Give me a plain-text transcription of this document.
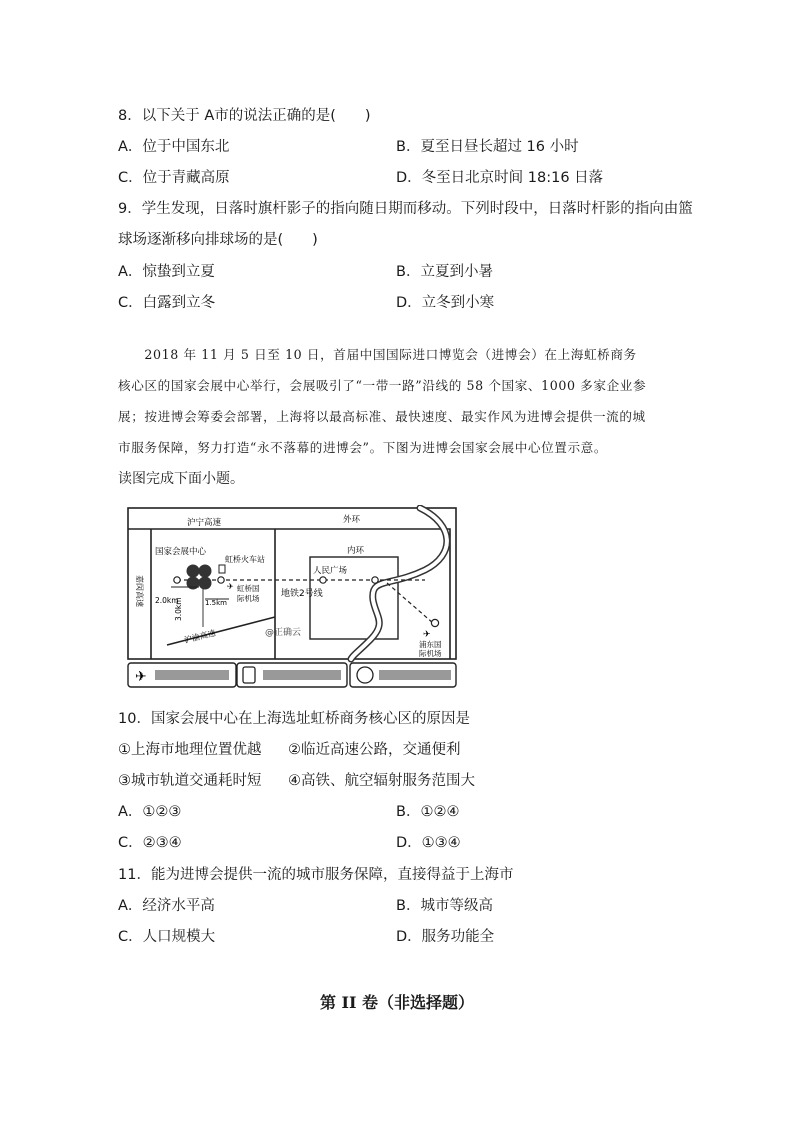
8．以下关于 A市的说法正确的是(　　)
A．位于中国东北	B．夏至日昼长超过 16 小时
C．位于青藏高原	D．冬至日北京时间 18:16 日落
9．学生发现，日落时旗杆影子的指向随日期而移动。下列时段中，日落时杆影的指向由篮
球场逐渐移向排球场的是(　　)
A．惊蛰到立夏	B．立夏到小暑
C．白露到立冬	D．立冬到小寒
　　2018 年 11 月 5 日至 10 日，首届中国国际进口博览会（进博会）在上海虹桥商务
核心区的国家会展中心举行，会展吸引了“一带一路”沿线的 58 个国家、1000 多家企业参
展；按进博会筹委会部署，上海将以最高标准、最快速度、最实作风为进博会提供一流的城
市服务保障，努力打造“永不落幕的进博会”。下图为进博会国家会展中心位置示意。
读图完成下面小题。
沪宁高速
嘉闵高速
沪渝高速
外环
内环
地铁2号线
国家会展中心
虹桥火车站
✈ 虹桥国
际机场
2.0km	1.5km
3.0km
人民广场
@正确云	✈
浦东国
际机场
✈
10．国家会展中心在上海选址虹桥商务核心区的原因是
①上海市地理位置优越 ②临近高速公路，交通便利
③城市轨道交通耗时短 ④高铁、航空辐射服务范围大
A．①②③	B．①②④
C．②③④	D．①③④
11．能为进博会提供一流的城市服务保障，直接得益于上海市
A．经济水平高	B．城市等级高
C．人口规模大	D．服务功能全
第 II 卷（非选择题）
